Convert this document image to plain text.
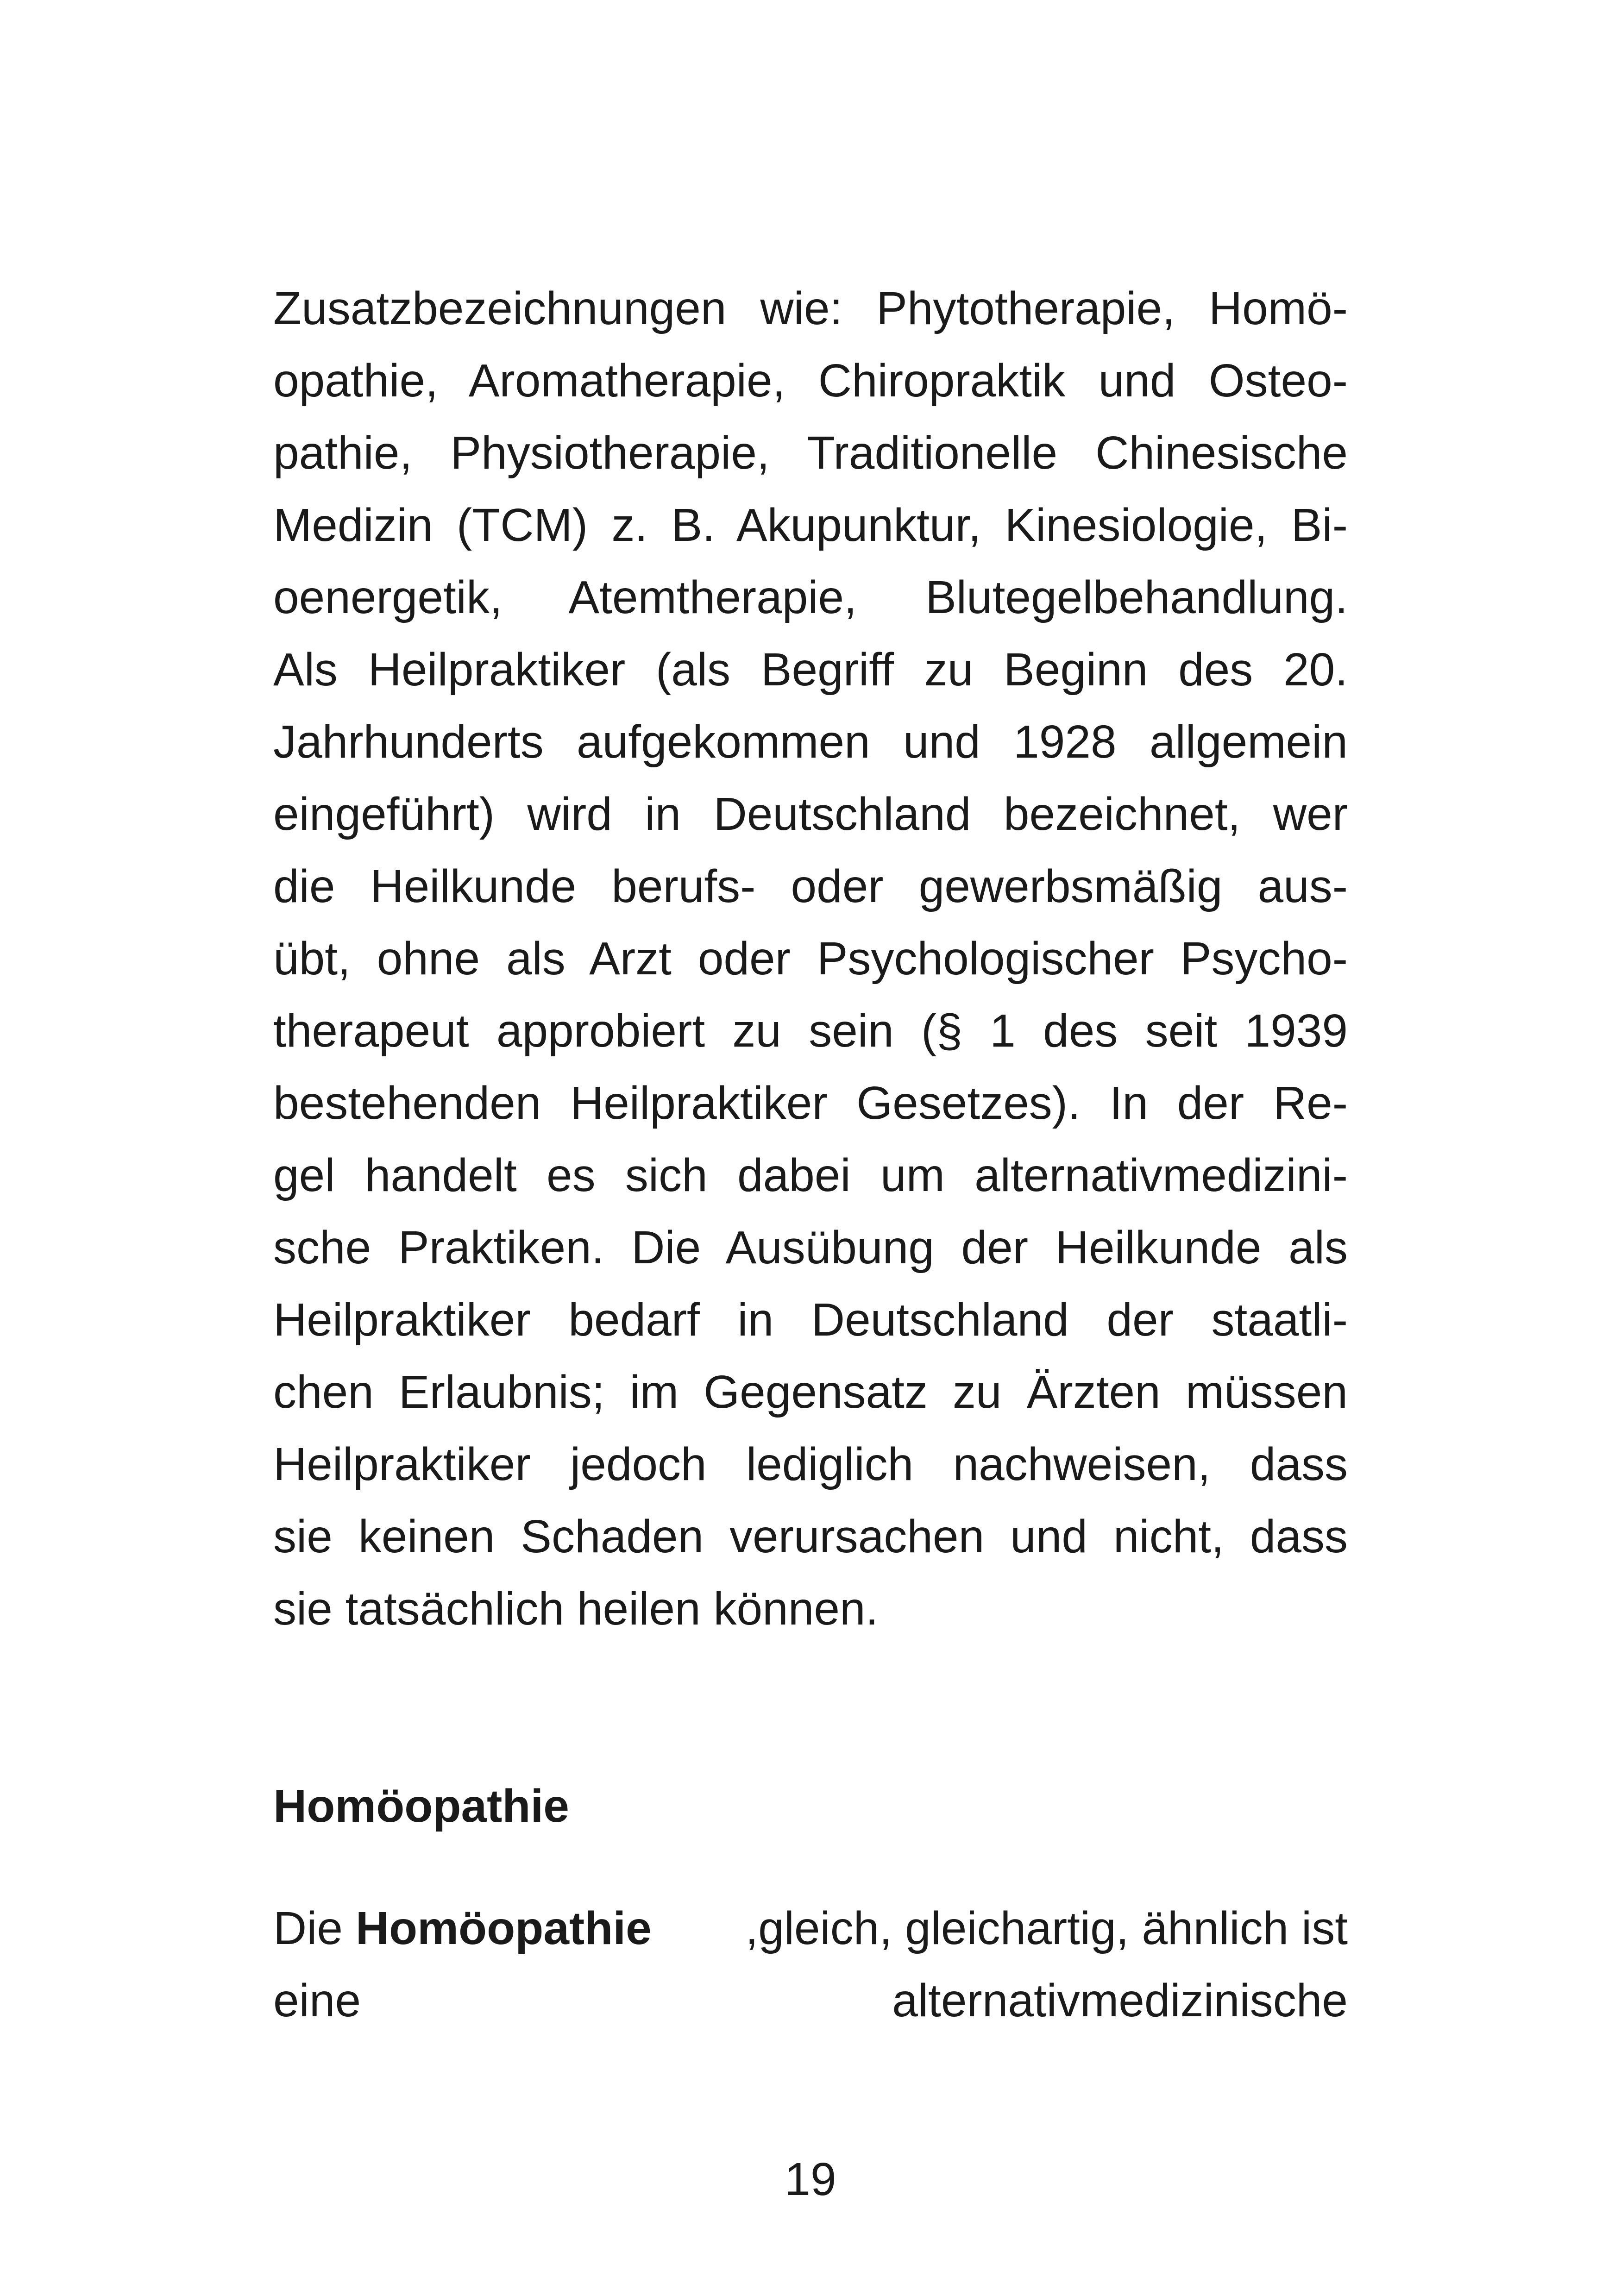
Zusatzbezeichnungen wie: Phytotherapie, Homö-
opathie, Aromatherapie, Chiropraktik und Osteo-
pathie, Physiotherapie, Traditionelle Chinesische
Medizin (TCM) z. B. Akupunktur, Kinesiologie, Bi-
oenergetik, Atemtherapie, Blutegelbehandlung.
Als Heilpraktiker (als Begriff zu Beginn des 20.
Jahrhunderts aufgekommen und 1928 allgemein
eingeführt) wird in Deutschland bezeichnet, wer
die Heilkunde berufs- oder gewerbsmäßig aus-
übt, ohne als Arzt oder Psychologischer Psycho-
therapeut approbiert zu sein (§ 1 des seit 1939
bestehenden Heilpraktiker Gesetzes). In der Re-
gel handelt es sich dabei um alternativmedizini-
sche Praktiken. Die Ausübung der Heilkunde als
Heilpraktiker bedarf in Deutschland der staatli-
chen Erlaubnis; im Gegensatz zu Ärzten müssen
Heilpraktiker jedoch lediglich nachweisen, dass
sie keinen Schaden verursachen und nicht, dass
sie tatsächlich heilen können.
Homöopathie
Die Homöopathie ,gleich, gleichartig, ähnlich ist
eine	alternativmedizinische
19
